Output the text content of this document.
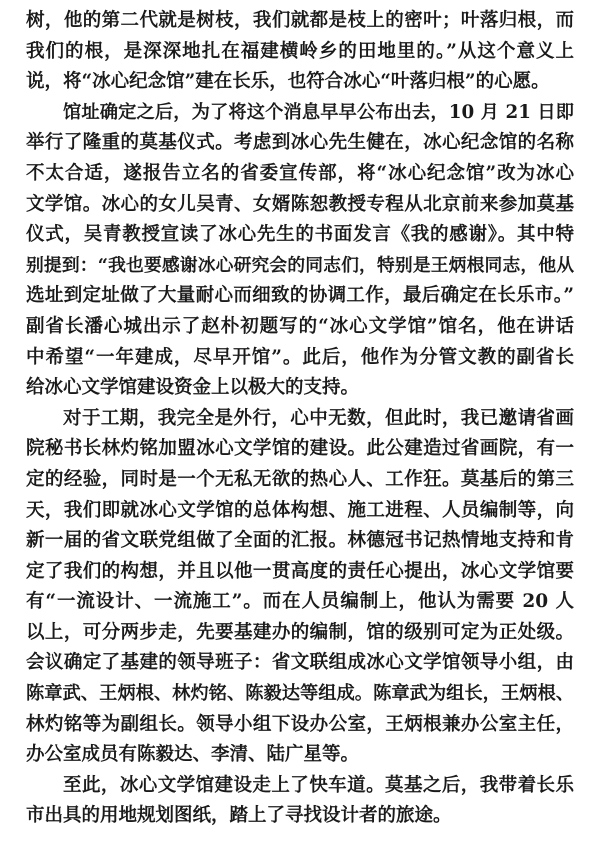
树，他的第二代就是树枝，我们就都是枝上的密叶；叶落归根，而
我们的根，是深深地扎在福建横岭乡的田地里的。”从这个意义上
说，将“冰心纪念馆”建在长乐，也符合冰心“叶落归根”的心愿。
馆址确定之后，为了将这个消息早早公布出去，10 月 21 日即
举行了隆重的莫基仪式。考虑到冰心先生健在，冰心纪念馆的名称
不太合适，遂报告立名的省委宣传部，将“冰心纪念馆”改为冰心
文学馆。冰心的女儿吴青、女婿陈恕教授专程从北京前来参加莫基
仪式，吴青教授宣读了冰心先生的书面发言《我的感谢》。其中特
别提到：“我也要感谢冰心研究会的同志们，特别是王炳根同志，他从
选址到定址做了大量耐心而细致的协调工作，最后确定在长乐市。”
副省长潘心城出示了赵朴初题写的“冰心文学馆”馆名，他在讲话
中希望“一年建成，尽早开馆”。此后，他作为分管文教的副省长
给冰心文学馆建设资金上以极大的支持。
对于工期，我完全是外行，心中无数，但此时，我已邀请省画
院秘书长林灼铭加盟冰心文学馆的建设。此公建造过省画院，有一
定的经验，同时是一个无私无欲的热心人、工作狂。莫基后的第三
天，我们即就冰心文学馆的总体构想、施工进程、人员编制等，向
新一届的省文联党组做了全面的汇报。林德冠书记热情地支持和肯
定了我们的构想，并且以他一贯高度的责任心提出，冰心文学馆要
有“一流设计、一流施工”。而在人员编制上，他认为需要 20 人
以上，可分两步走，先要基建办的编制，馆的级别可定为正处级。
会议确定了基建的领导班子：省文联组成冰心文学馆领导小组，由
陈章武、王炳根、林灼铭、陈毅达等组成。陈章武为组长，王炳根、
林灼铭等为副组长。领导小组下设办公室，王炳根兼办公室主任，
办公室成员有陈毅达、李清、陆广星等。
至此，冰心文学馆建设走上了快车道。莫基之后，我带着长乐
市出具的用地规划图纸，踏上了寻找设计者的旅途。
